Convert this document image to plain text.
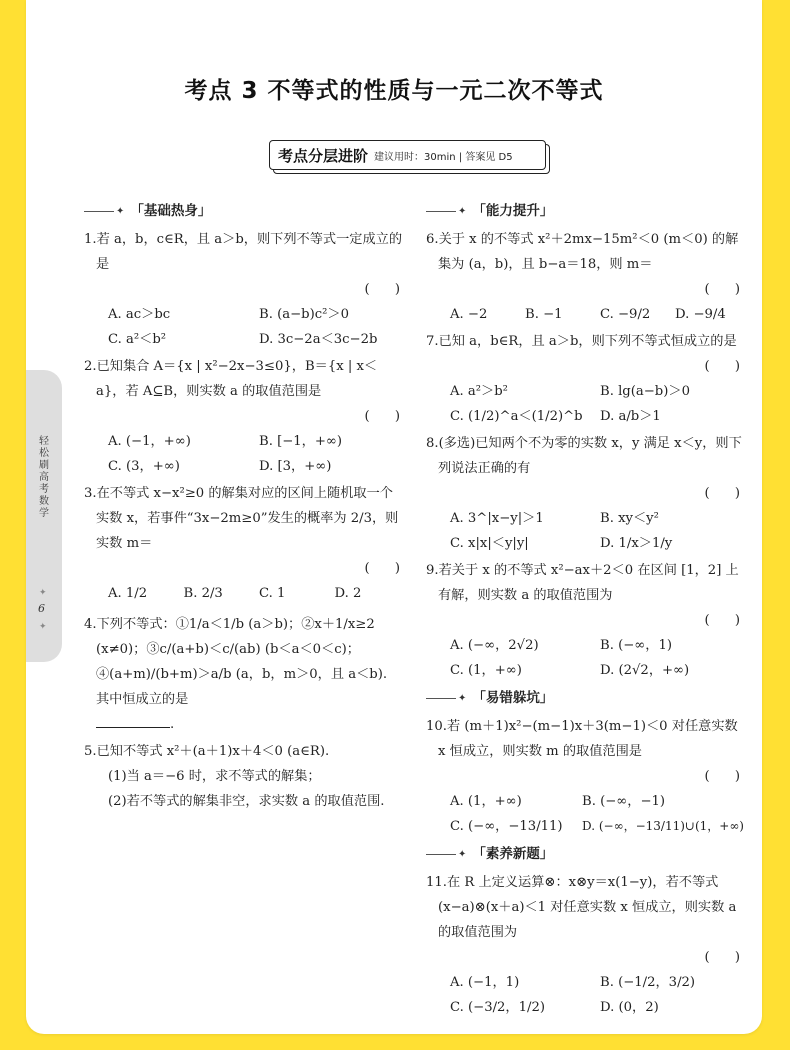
考点 3 不等式的性质与一元二次不等式
考点分层进阶 建议用时：30min | 答案见 D5
轻松刷 高考数学
✦
6
✦
✦ 「基础热身」
1.若 a，b，c∈R，且 a＞b，则下列不等式一定成立的是
(      )
A. ac＞bc	B. (a−b)c²＞0
C. a²＜b²	D. 3c−2a＜3c−2b
2.已知集合 A＝{x | x²−2x−3≤0}，B＝{x | x＜a}，若 A⊆B，则实数 a 的取值范围是
(      )
A. (−1，+∞)	B. [−1，+∞)
C. (3，+∞)	D. [3，+∞)
3.在不等式 x−x²≥0 的解集对应的区间上随机取一个实数 x，若事件“3x−2m≥0”发生的概率为 2/3，则实数 m＝
(      )
A. 1/2	B. 2/3	C. 1	D. 2
4.下列不等式：①1/a＜1/b (a＞b)；②x＋1/x≥2 (x≠0)；③c/(a+b)＜c/(ab) (b＜a＜0＜c)；④(a+m)/(b+m)＞a/b (a，b，m＞0，且 a＜b). 其中恒成立的是
.
5.已知不等式 x²＋(a＋1)x＋4＜0 (a∈R).
(1)当 a＝−6 时，求不等式的解集；
(2)若不等式的解集非空，求实数 a 的取值范围.
✦ 「能力提升」
6.关于 x 的不等式 x²＋2mx−15m²＜0 (m＜0) 的解集为 (a，b)，且 b−a＝18，则 m＝
(      )
A. −2	B. −1	C. −9/2	D. −9/4
7.已知 a，b∈R，且 a＞b，则下列不等式恒成立的是
(      )
A. a²＞b²	B. lg(a−b)＞0
C. (1/2)^a＜(1/2)^b	D. a/b＞1
8.(多选)已知两个不为零的实数 x，y 满足 x＜y，则下列说法正确的有
(      )
A. 3^|x−y|＞1	B. xy＜y²
C. x|x|＜y|y|	D. 1/x＞1/y
9.若关于 x 的不等式 x²−ax＋2＜0 在区间 [1，2] 上有解，则实数 a 的取值范围为
(      )
A. (−∞，2√2)	B. (−∞，1)
C. (1，+∞)	D. (2√2，+∞)
✦ 「易错躲坑」
10.若 (m＋1)x²−(m−1)x＋3(m−1)＜0 对任意实数 x 恒成立，则实数 m 的取值范围是
(      )
A. (1，+∞)	B. (−∞，−1)
C. (−∞，−13/11)	D. (−∞，−13/11)∪(1，+∞)
✦ 「素养新题」
11.在 R 上定义运算⊗：x⊗y＝x(1−y)，若不等式 (x−a)⊗(x＋a)＜1 对任意实数 x 恒成立，则实数 a 的取值范围为
(      )
A. (−1，1)	B. (−1/2，3/2)
C. (−3/2，1/2)	D. (0，2)
